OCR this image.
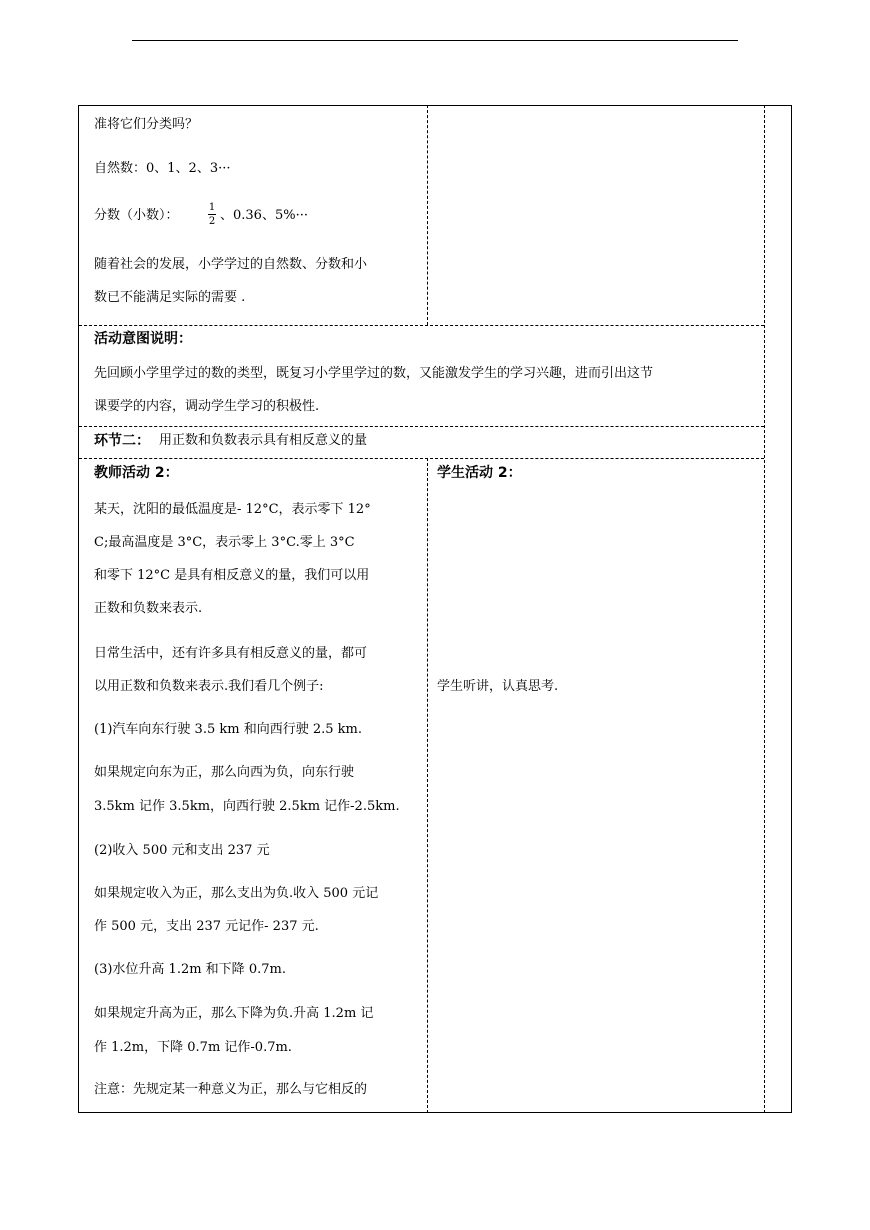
准将它们分类吗？
自然数：0、1、2、3···
分数（小数）：
1
2 、0.36、5%···
随着社会的发展，小学学过的自然数、分数和小
数已不能满足实际的需要 .
活动意图说明：
先回顾小学里学过的数的类型，既复习小学里学过的数，又能激发学生的学习兴趣，进而引出这节
课要学的内容，调动学生学习的积极性.
环节二： 用正数和负数表示具有相反意义的量
教师活动 2：
某天，沈阳的最低温度是- 12°C，表示零下 12°
C;最高温度是 3°C，表示零上 3°C.零上 3°C
和零下 12°C 是具有相反意义的量，我们可以用
正数和负数来表示.
日常生活中，还有许多具有相反意义的量，都可
以用正数和负数来表示.我们看几个例子:
(1)汽车向东行驶 3.5 km 和向西行驶 2.5 km.
如果规定向东为正，那么向西为负，向东行驶
3.5km 记作 3.5km，向西行驶 2.5km 记作-2.5km.
(2)收入 500 元和支出 237 元
如果规定收入为正，那么支出为负.收入 500 元记
作 500 元，支出 237 元记作- 237 元.
(3)水位升高 1.2m 和下降 0.7m.
如果规定升高为正，那么下降为负.升高 1.2m 记
作 1.2m，下降 0.7m 记作-0.7m.
注意：先规定某一种意义为正，那么与它相反的
学生活动 2：
学生听讲，认真思考.
